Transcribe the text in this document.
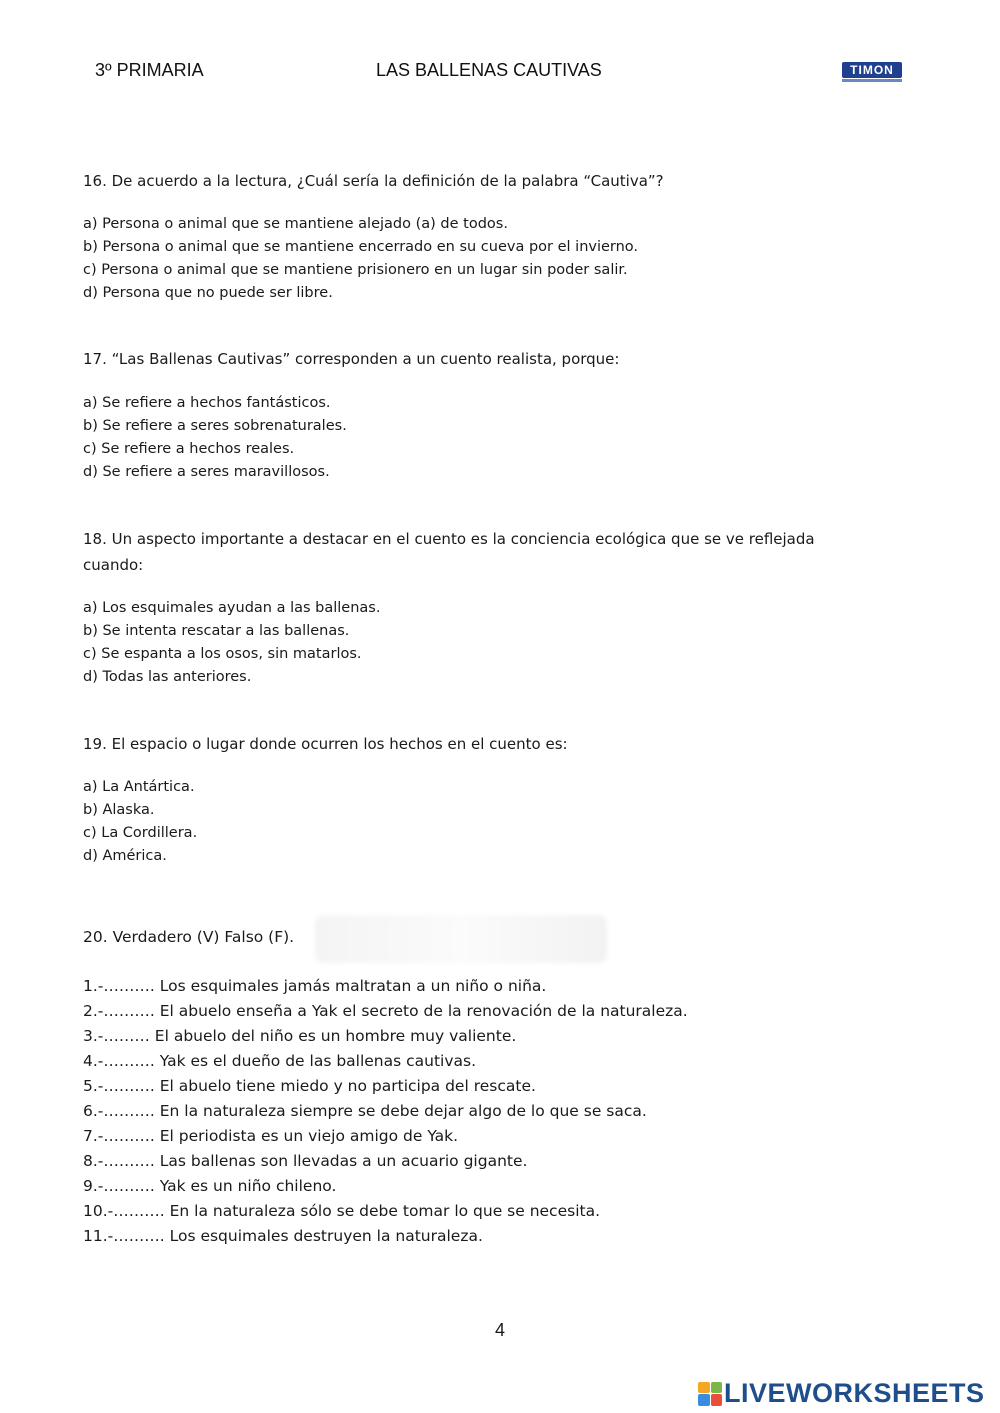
3º PRIMARIA	LAS BALLENAS CAUTIVAS	TIMON

16. De acuerdo a la lectura, ¿Cuál sería la definición de la palabra “Cautiva”?

a) Persona o animal que se mantiene alejado (a) de todos.
b) Persona o animal que se mantiene encerrado en su cueva por el invierno.
c) Persona o animal que se mantiene prisionero en un lugar sin poder salir.
d) Persona que no puede ser libre.

17. “Las Ballenas Cautivas” corresponden a un cuento realista, porque:

a) Se refiere a hechos fantásticos.
b) Se refiere a seres sobrenaturales.
c) Se refiere a hechos reales.
d) Se refiere a seres maravillosos.

18. Un aspecto importante a destacar en el cuento es la conciencia ecológica que se ve reflejada cuando:

a) Los esquimales ayudan a las ballenas.
b) Se intenta rescatar a las ballenas.
c) Se espanta a los osos, sin matarlos.
d) Todas las anteriores.

19. El espacio o lugar donde ocurren los hechos en el cuento es:

a) La Antártica.
b) Alaska.
c) La Cordillera.
d) América.

20. Verdadero (V) Falso (F).

1.-………. Los esquimales jamás maltratan a un niño o niña.
2.-………. El abuelo enseña a Yak el secreto de la renovación de la naturaleza.
3.-……… El abuelo del niño es un hombre muy valiente.
4.-………. Yak es el dueño de las ballenas cautivas.
5.-………. El abuelo tiene miedo y no participa del rescate.
6.-………. En la naturaleza siempre se debe dejar algo de lo que se saca.
7.-………. El periodista es un viejo amigo de Yak.
8.-………. Las ballenas son llevadas a un acuario gigante.
9.-………. Yak es un niño chileno.
10.-………. En la naturaleza sólo se debe tomar lo que se necesita.
11.-………. Los esquimales destruyen la naturaleza.
4
LIVEWORKSHEETS
